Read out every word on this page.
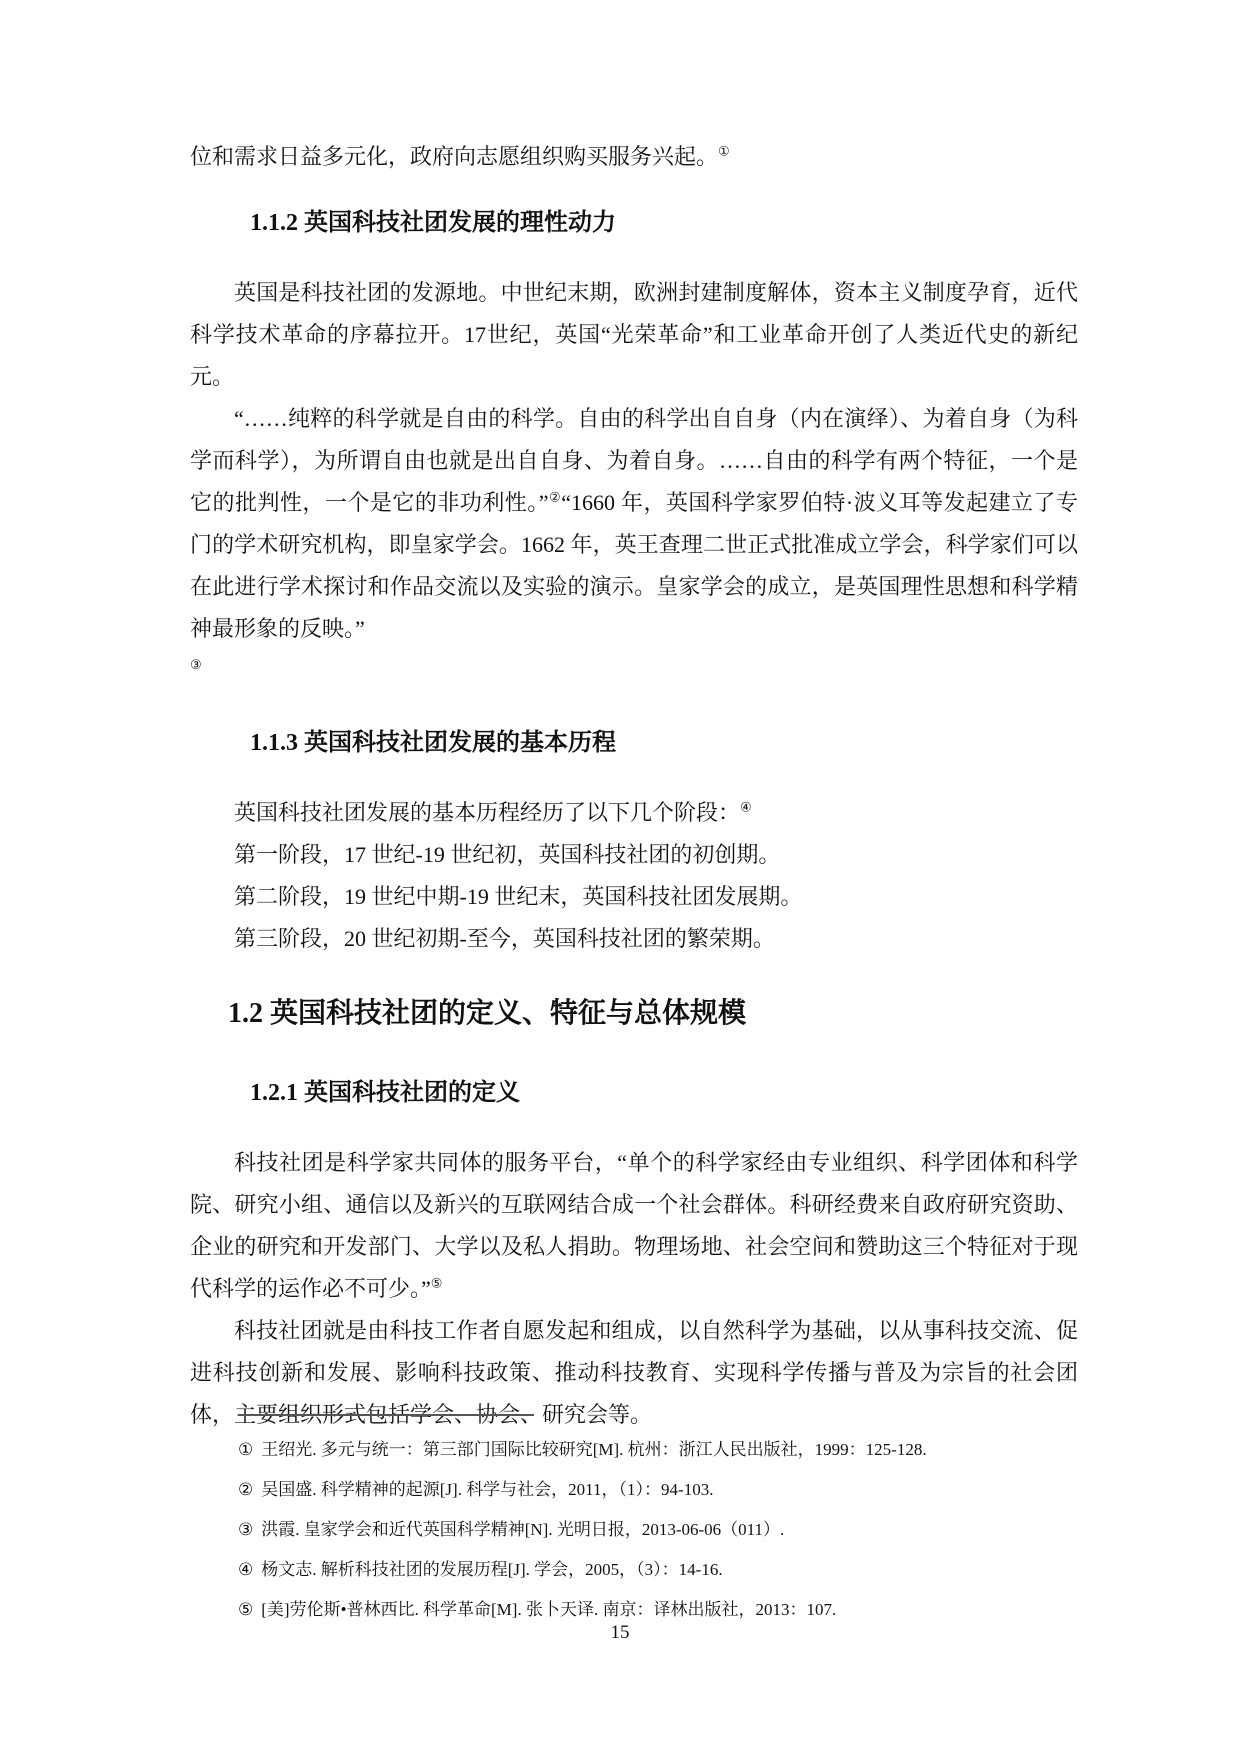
位和需求日益多元化，政府向志愿组织购买服务兴起。①

1.1.2 英国科技社团发展的理性动力

英国是科技社团的发源地。中世纪末期，欧洲封建制度解体，资本主义制度孕育，近代科学技术革命的序幕拉开。17世纪，英国“光荣革命”和工业革命开创了人类近代史的新纪元。

“……纯粹的科学就是自由的科学。自由的科学出自自身（内在演绎）、为着自身（为科学而科学），为所谓自由也就是出自自身、为着自身。……自由的科学有两个特征，一个是它的批判性，一个是它的非功利性。”②“1660 年，英国科学家罗伯特·波义耳等发起建立了专门的学术研究机构，即皇家学会。1662 年，英王查理二世正式批准成立学会，科学家们可以在此进行学术探讨和作品交流以及实验的演示。皇家学会的成立，是英国理性思想和科学精神最形象的反映。”

③

1.1.3 英国科技社团发展的基本历程

英国科技社团发展的基本历程经历了以下几个阶段：④

第一阶段，17 世纪-19 世纪初，英国科技社团的初创期。

第二阶段，19 世纪中期-19 世纪末，英国科技社团发展期。

第三阶段，20 世纪初期-至今，英国科技社团的繁荣期。

1.2 英国科技社团的定义、特征与总体规模
1.2.1 英国科技社团的定义

科技社团是科学家共同体的服务平台，“单个的科学家经由专业组织、科学团体和科学院、研究小组、通信以及新兴的互联网结合成一个社会群体。科研经费来自政府研究资助、企业的研究和开发部门、大学以及私人捐助。物理场地、社会空间和赞助这三个特征对于现代科学的运作必不可少。”⑤

科技社团就是由科技工作者自愿发起和组成，以自然科学为基础，以从事科技交流、促进科技创新和发展、影响科技政策、推动科技教育、实现科学传播与普及为宗旨的社会团体，主要组织形式包括学会、协会、研究会等。

① 王绍光. 多元与统一：第三部门国际比较研究[M]. 杭州：浙江人民出版社，1999：125-128.
② 吴国盛. 科学精神的起源[J]. 科学与社会，2011，（1）：94-103.
③ 洪霞. 皇家学会和近代英国科学精神[N]. 光明日报，2013-06-06（011）.
④ 杨文志. 解析科技社团的发展历程[J]. 学会，2005，（3）：14-16.
⑤ [美]劳伦斯•普林西比. 科学革命[M]. 张卜天译. 南京：译林出版社，2013：107.
15
